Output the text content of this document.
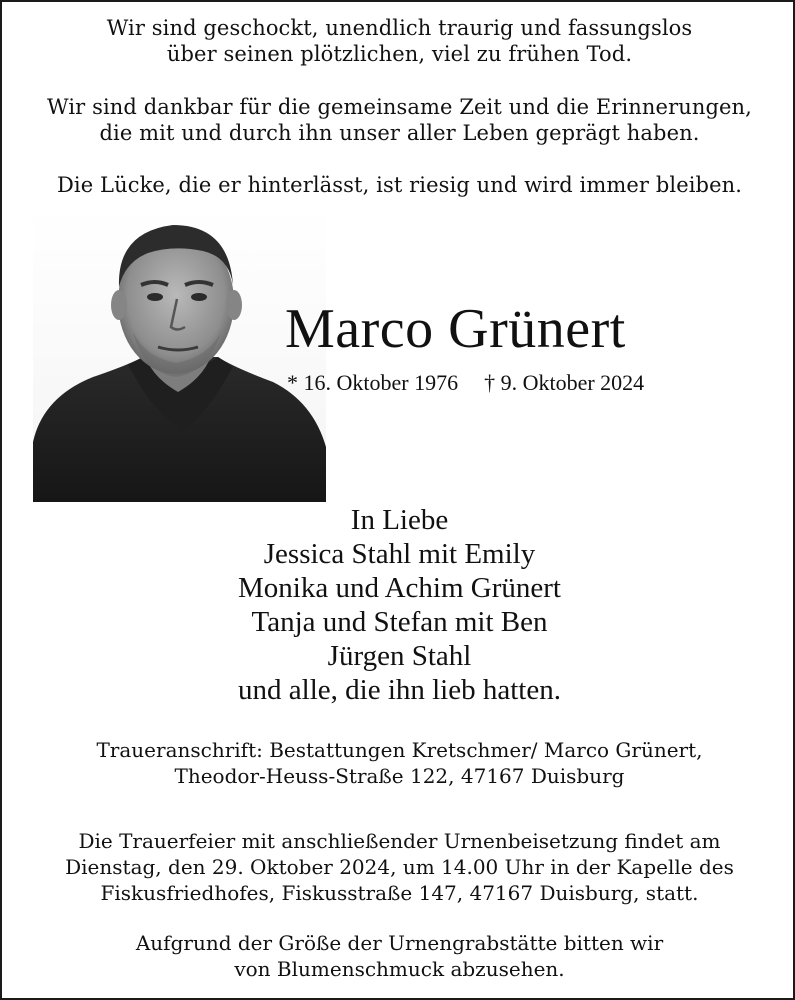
Wir sind geschockt, unendlich traurig und fassungslos

über seinen plötzlichen, viel zu frühen Tod.

Wir sind dankbar für die gemeinsame Zeit und die Erinnerungen,

die mit und durch ihn unser aller Leben geprägt haben.

Die Lücke, die er hinterlässt, ist riesig und wird immer bleiben.

Marco Grünert
* 16. Oktober 1976 † 9. Oktober 2024
In Liebe
Jessica Stahl mit Emily
Monika und Achim Grünert
Tanja und Stefan mit Ben
Jürgen Stahl
und alle, die ihn lieb hatten.
Traueranschrift: Bestattungen Kretschmer/ Marco Grünert,
Theodor-Heuss-Straße 122, 47167 Duisburg
Die Trauerfeier mit anschließender Urnenbeisetzung findet am
Dienstag, den 29. Oktober 2024, um 14.00 Uhr in der Kapelle des
Fiskusfriedhofes, Fiskusstraße 147, 47167 Duisburg, statt.
Aufgrund der Größe der Urnengrabstätte bitten wir
von Blumenschmuck abzusehen.
